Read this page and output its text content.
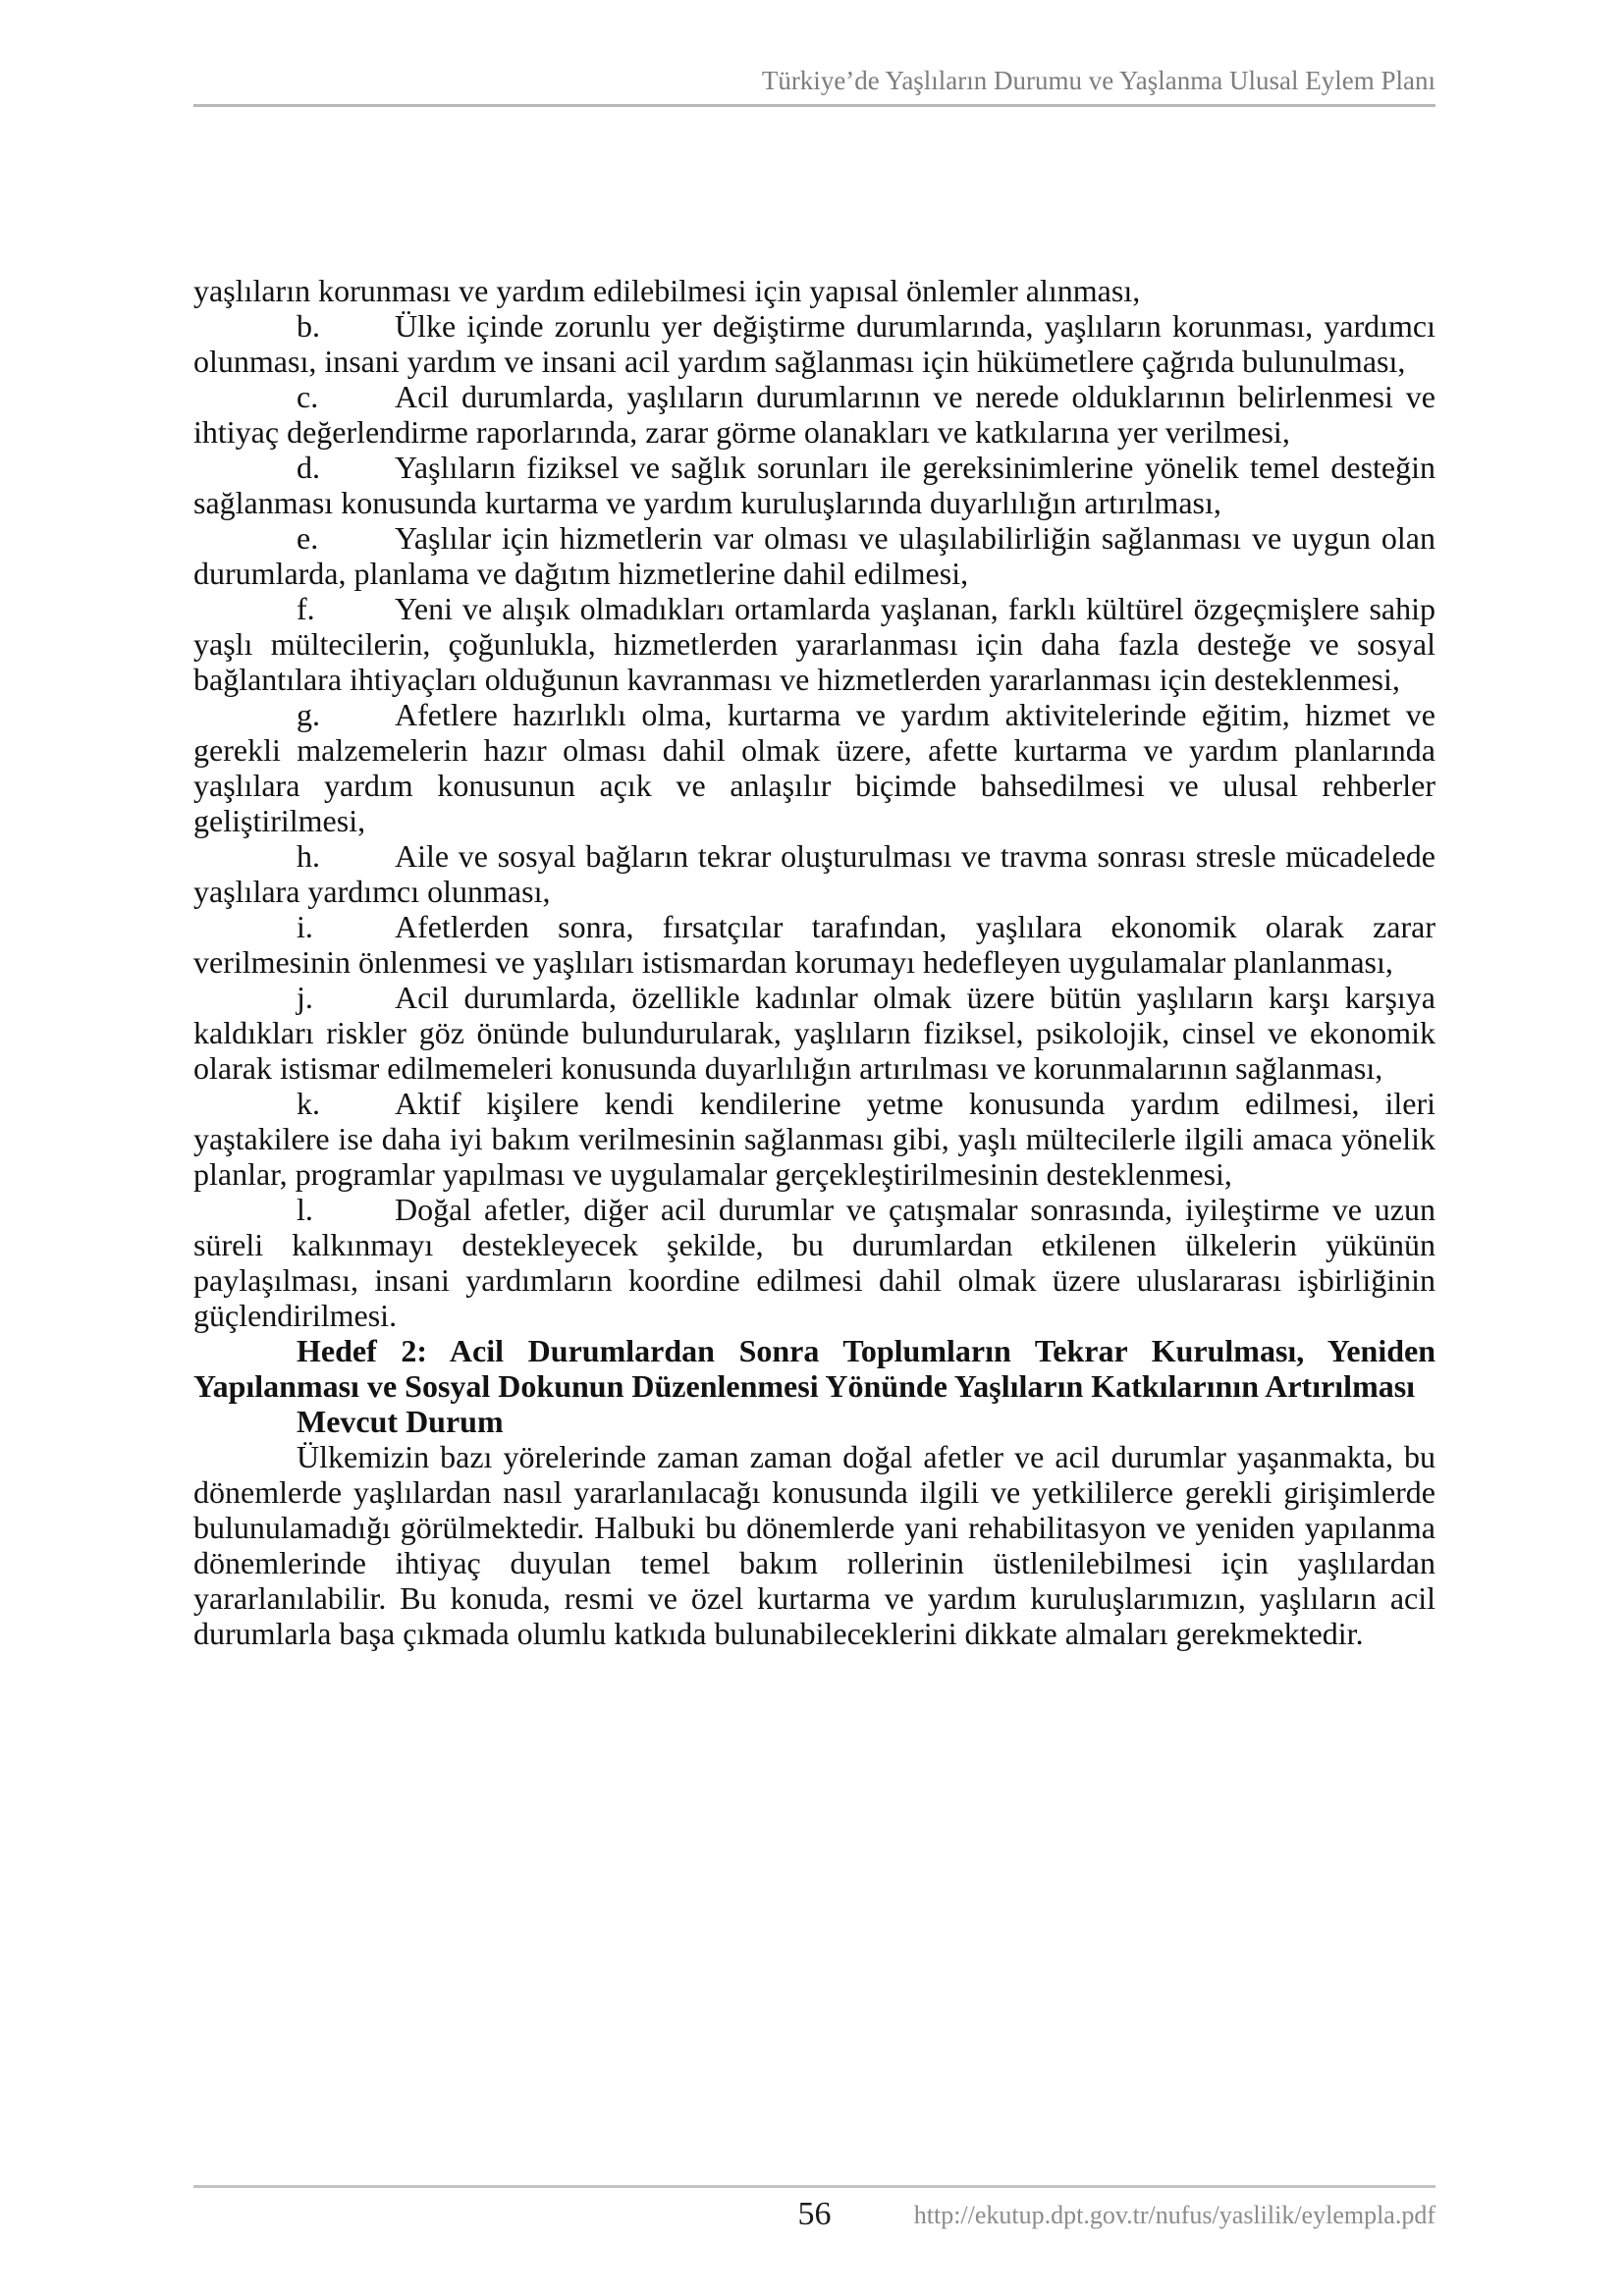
Türkiye’de Yaşlıların Durumu ve Yaşlanma Ulusal Eylem Planı

yaşlıların korunması ve yardım edilebilmesi için yapısal önlemler alınması,

b. Ülke içinde zorunlu yer değiştirme durumlarında, yaşlıların korunması, yardımcı olunması, insani yardım ve insani acil yardım sağlanması için hükümetlere çağrıda bulunulması,

c. Acil durumlarda, yaşlıların durumlarının ve nerede olduklarının belirlenmesi ve ihtiyaç değerlendirme raporlarında, zarar görme olanakları ve katkılarına yer verilmesi,

d. Yaşlıların fiziksel ve sağlık sorunları ile gereksinimlerine yönelik temel desteğin sağlanması konusunda kurtarma ve yardım kuruluşlarında duyarlılığın artırılması,

e. Yaşlılar için hizmetlerin var olması ve ulaşılabilirliğin sağlanması ve uygun olan durumlarda, planlama ve dağıtım hizmetlerine dahil edilmesi,

f.	Yeni ve alışık olmadıkları ortamlarda yaşlanan, farklı kültürel özgeçmişlere sahip yaşlı mültecilerin, çoğunlukla, hizmetlerden yararlanması için daha fazla desteğe ve sosyal bağlantılara ihtiyaçları olduğunun kavranması ve hizmetlerden yararlanması için desteklenmesi,

g. Afetlere hazırlıklı olma, kurtarma ve yardım aktivitelerinde eğitim, hizmet ve gerekli malzemelerin hazır olması dahil olmak üzere, afette kurtarma ve yardım planlarında yaşlılara yardım konusunun açık ve anlaşılır biçimde bahsedilmesi ve ulusal rehberler geliştirilmesi,

h. Aile ve sosyal bağların tekrar oluşturulması ve travma sonrası stresle mücadelede yaşlılara yardımcı olunması,

i.	Afetlerden sonra, fırsatçılar tarafından, yaşlılara ekonomik olarak zarar verilmesinin önlenmesi ve yaşlıları istismardan korumayı hedefleyen uygulamalar planlanması,

j.	Acil durumlarda, özellikle kadınlar olmak üzere bütün yaşlıların karşı karşıya kaldıkları riskler göz önünde bulundurularak, yaşlıların fiziksel, psikolojik, cinsel ve ekonomik olarak istismar edilmemeleri konusunda duyarlılığın artırılması ve korunmalarının sağlanması,

k. Aktif kişilere kendi kendilerine yetme konusunda yardım edilmesi, ileri yaştakilere ise daha iyi bakım verilmesinin sağlanması gibi, yaşlı mültecilerle ilgili amaca yönelik planlar, programlar yapılması ve uygulamalar gerçekleştirilmesinin desteklenmesi,

l.	Doğal afetler, diğer acil durumlar ve çatışmalar sonrasında, iyileştirme ve uzun süreli kalkınmayı destekleyecek şekilde, bu durumlardan etkilenen ülkelerin yükünün paylaşılması, insani yardımların koordine edilmesi dahil olmak üzere uluslararası işbirliğinin güçlendirilmesi.

Hedef 2: Acil Durumlardan Sonra Toplumların Tekrar Kurulması, Yeniden Yapılanması ve Sosyal Dokunun Düzenlenmesi Yönünde Yaşlıların Katkılarının Artırılması

Mevcut Durum

Ülkemizin bazı yörelerinde zaman zaman doğal afetler ve acil durumlar yaşanmakta, bu dönemlerde yaşlılardan nasıl yararlanılacağı konusunda ilgili ve yetkililerce gerekli girişimlerde bulunulamadığı görülmektedir. Halbuki bu dönemlerde yani rehabilitasyon ve yeniden yapılanma dönemlerinde ihtiyaç duyulan temel bakım rollerinin üstlenilebilmesi için yaşlılardan yararlanılabilir. Bu konuda, resmi ve özel kurtarma ve yardım kuruluşlarımızın, yaşlıların acil durumlarla başa çıkmada olumlu katkıda bulunabileceklerini dikkate almaları gerekmektedir.

56	http://ekutup.dpt.gov.tr/nufus/yaslilik/eylempla.pdf
